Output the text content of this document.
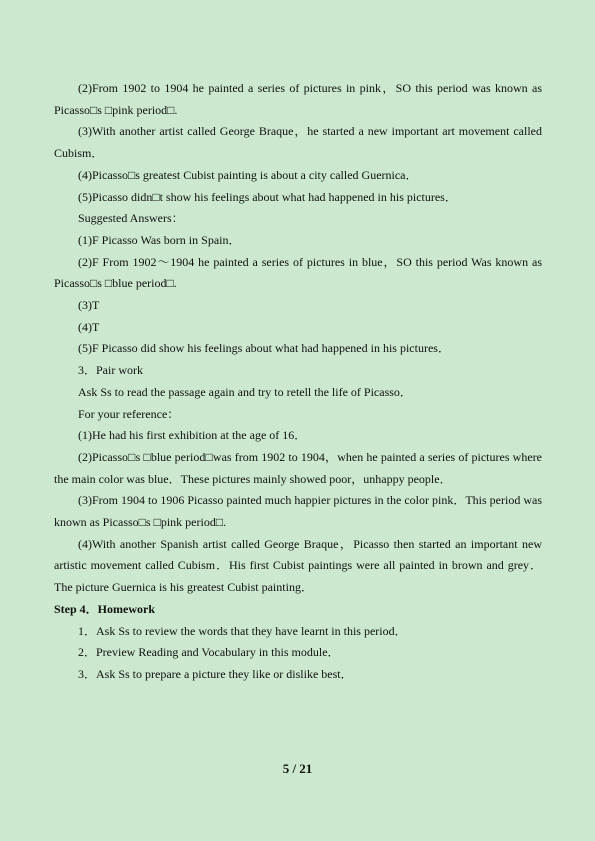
(2)From 1902 to 1904 he painted a series of pictures in pink，SO this period was known as Picasso□s □pink period□.

(3)With another artist called George Braque，he started a new important art movement called Cubism．

(4)Picasso□s greatest Cubist painting is about a city called Guernica．

(5)Picasso didn□t show his feelings about what had happened in his pictures．

Suggested Answers：

(1)F Picasso Was born in Spain．

(2)F From 1902～1904 he painted a series of pictures in blue，SO this period Was known as Picasso□s □blue period□.

(3)T

(4)T

(5)F Picasso did show his feelings about what had happened in his pictures．

3．Pair work

Ask Ss to read the passage again and try to retell the life of Picasso．

For your reference：

(1)He had his first exhibition at the age of 16．

(2)Picasso□s □blue period□was from 1902 to 1904，when he painted a series of pictures where the main color was blue．These pictures mainly showed poor，unhappy people．

(3)From 1904 to 1906 Picasso painted much happier pictures in the color pink．This period was known as Picasso□s □pink period□.

(4)With another Spanish artist called George Braque，Picasso then started an important new artistic movement called Cubism．His first Cubist paintings were all painted in brown and grey．The picture Guernica is his greatest Cubist painting．

Step 4．Homework

1．Ask Ss to review the words that they have learnt in this period．

2．Preview Reading and Vocabulary in this module．

3．Ask Ss to prepare a picture they like or dislike best．

5 / 21
